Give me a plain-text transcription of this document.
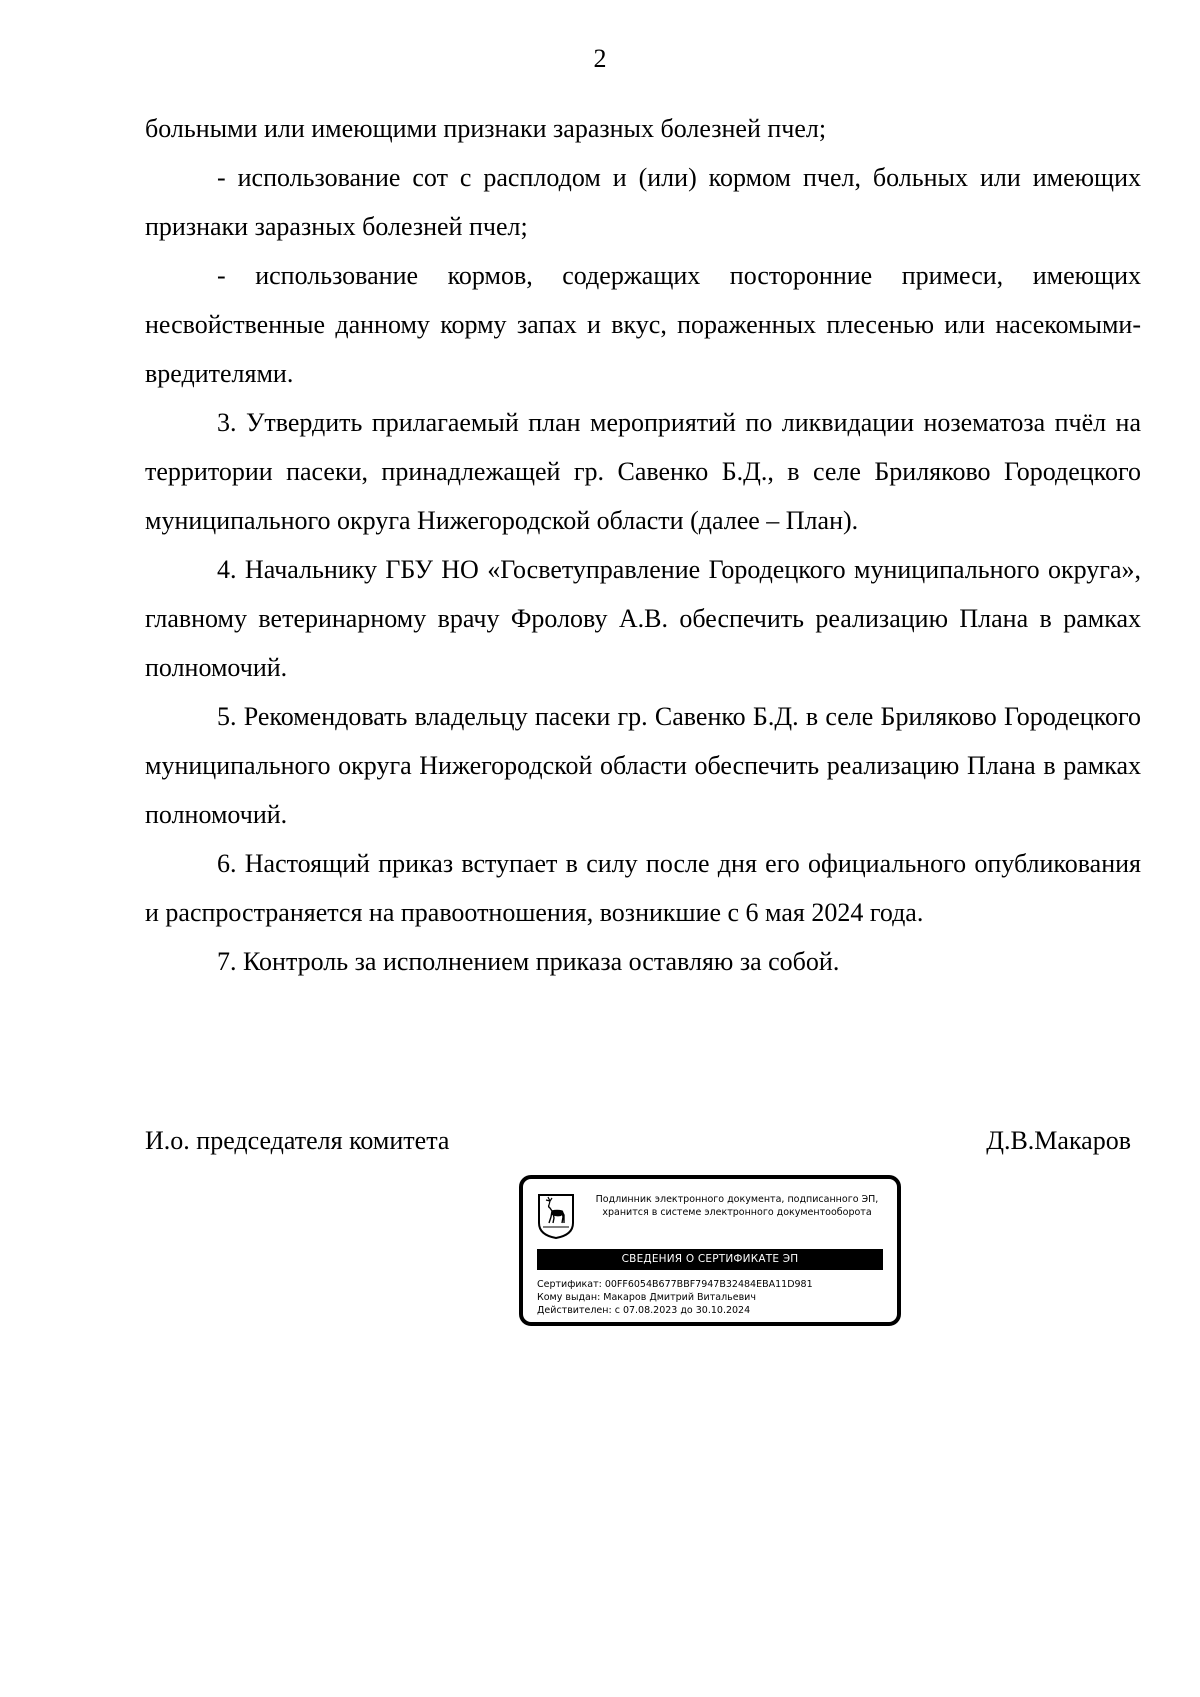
2

больными или имеющими признаки заразных болезней пчел;

- использование сот с расплодом и (или) кормом пчел, больных или имеющих признаки заразных болезней пчел;

- использование кормов, содержащих посторонние примеси, имеющих несвойственные данному корму запах и вкус, пораженных плесенью или насекомыми-вредителями.

3. Утвердить прилагаемый план мероприятий по ликвидации нозематоза пчёл на территории пасеки, принадлежащей гр. Савенко Б.Д., в селе Бриляково Городецкого муниципального округа Нижегородской области (далее – План).

4. Начальнику ГБУ НО «Госветуправление Городецкого муниципального округа», главному ветеринарному врачу Фролову А.В. обеспечить реализацию Плана в рамках полномочий.

5. Рекомендовать владельцу пасеки гр. Савенко Б.Д. в селе Бриляково Городецкого муниципального округа Нижегородской области обеспечить реализацию Плана в рамках полномочий.

6. Настоящий приказ вступает в силу после дня его официального опубликования и распространяется на правоотношения, возникшие с 6 мая 2024 года.

7. Контроль за исполнением приказа оставляю за собой.

И.о. председателя комитета	Д.В.Макаров
Подлинник электронного документа, подписанного ЭП,
хранится в системе электронного документооборота
СВЕДЕНИЯ О СЕРТИФИКАТЕ ЭП
Сертификат: 00FF6054B677BBF7947B32484EBA11D981
Кому выдан: Макаров Дмитрий Витальевич
Действителен: с 07.08.2023 до 30.10.2024
